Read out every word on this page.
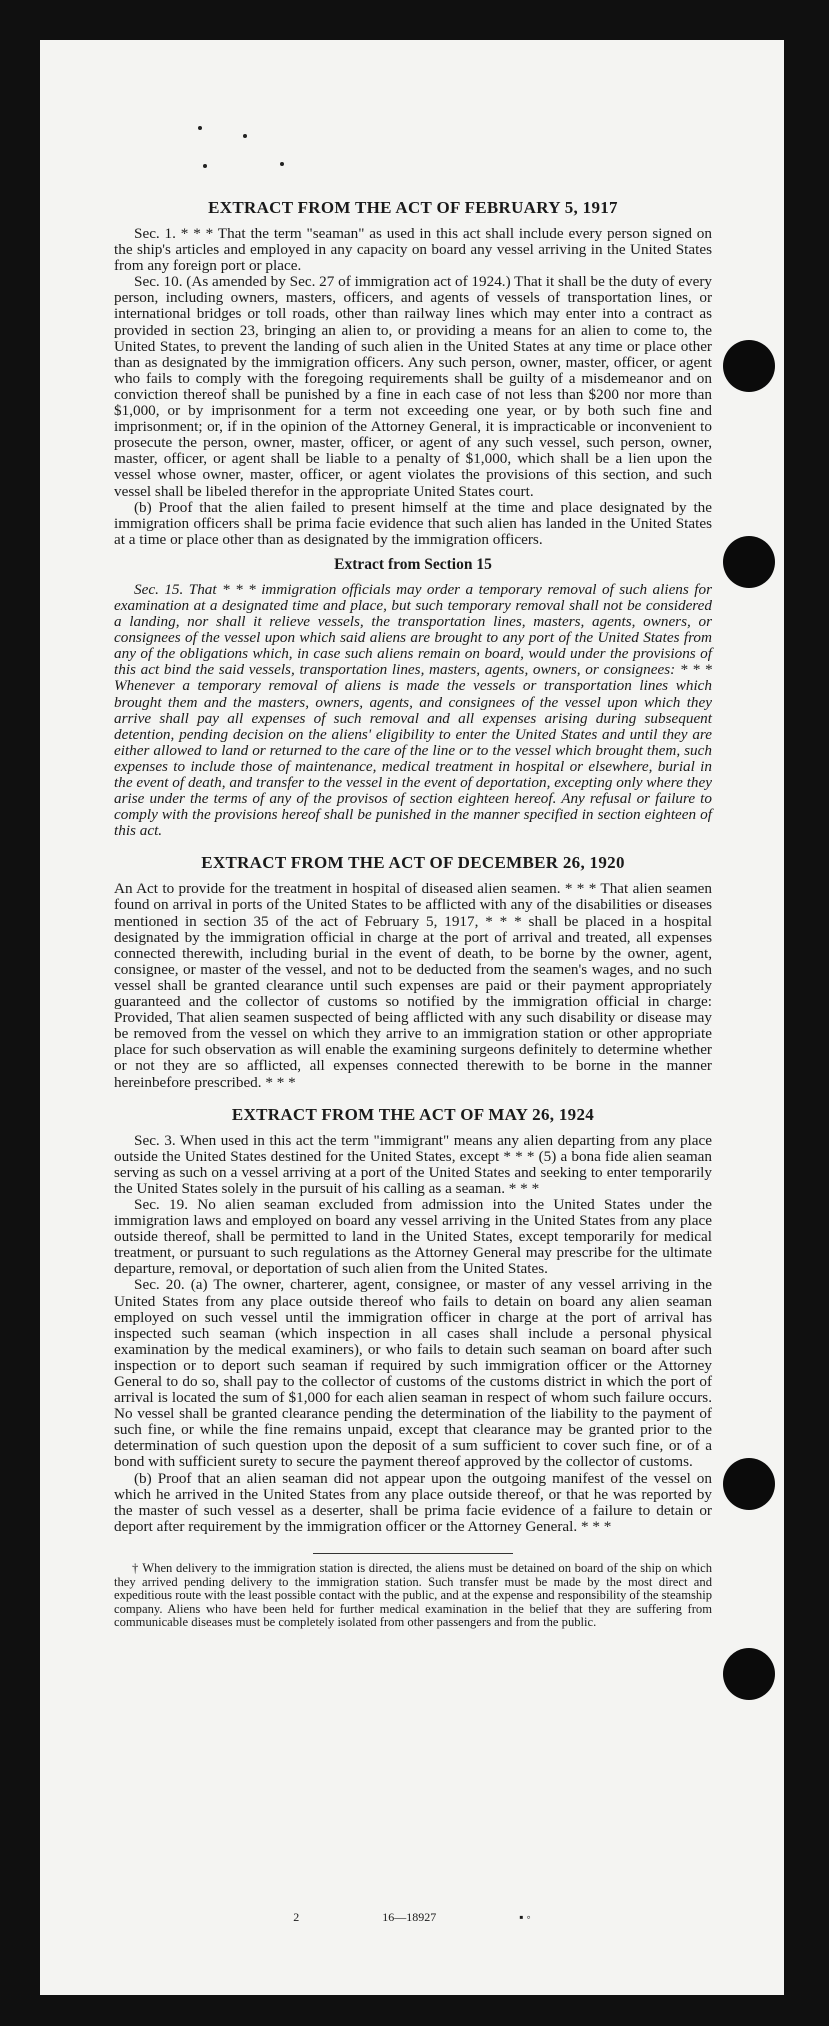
EXTRACT FROM THE ACT OF FEBRUARY 5, 1917

Sec. 1. * * * That the term "seaman" as used in this act shall include every person signed on the ship's articles and employed in any capacity on board any vessel arriving in the United States from any foreign port or place.

Sec. 10. (As amended by Sec. 27 of immigration act of 1924.) That it shall be the duty of every person, including owners, masters, officers, and agents of vessels of transportation lines, or international bridges or toll roads, other than railway lines which may enter into a contract as provided in section 23, bringing an alien to, or providing a means for an alien to come to, the United States, to prevent the landing of such alien in the United States at any time or place other than as designated by the immigration officers. Any such person, owner, master, officer, or agent who fails to comply with the foregoing requirements shall be guilty of a misdemeanor and on conviction thereof shall be punished by a fine in each case of not less than $200 nor more than $1,000, or by imprisonment for a term not exceeding one year, or by both such fine and imprisonment; or, if in the opinion of the Attorney General, it is impracticable or inconvenient to prosecute the person, owner, master, officer, or agent of any such vessel, such person, owner, master, officer, or agent shall be liable to a penalty of $1,000, which shall be a lien upon the vessel whose owner, master, officer, or agent violates the provisions of this section, and such vessel shall be libeled therefor in the appropriate United States court.

(b) Proof that the alien failed to present himself at the time and place designated by the immigration officers shall be prima facie evidence that such alien has landed in the United States at a time or place other than as designated by the immigration officers.

Extract from Section 15

Sec. 15. That * * * immigration officials may order a temporary removal of such aliens for examination at a designated time and place, but such temporary removal shall not be considered a landing, nor shall it relieve vessels, the transportation lines, masters, agents, owners, or consignees of the vessel upon which said aliens are brought to any port of the United States from any of the obligations which, in case such aliens remain on board, would under the provisions of this act bind the said vessels, transportation lines, masters, agents, owners, or consignees: * * * Whenever a temporary removal of aliens is made the vessels or transportation lines which brought them and the masters, owners, agents, and consignees of the vessel upon which they arrive shall pay all expenses of such removal and all expenses arising during subsequent detention, pending decision on the aliens' eligibility to enter the United States and until they are either allowed to land or returned to the care of the line or to the vessel which brought them, such expenses to include those of maintenance, medical treatment in hospital or elsewhere, burial in the event of death, and transfer to the vessel in the event of deportation, excepting only where they arise under the terms of any of the provisos of section eighteen hereof. Any refusal or failure to comply with the provisions hereof shall be punished in the manner specified in section eighteen of this act.

EXTRACT FROM THE ACT OF DECEMBER 26, 1920

An Act to provide for the treatment in hospital of diseased alien seamen. * * * That alien seamen found on arrival in ports of the United States to be afflicted with any of the disabilities or diseases mentioned in section 35 of the act of February 5, 1917, * * * shall be placed in a hospital designated by the immigration official in charge at the port of arrival and treated, all expenses connected therewith, including burial in the event of death, to be borne by the owner, agent, consignee, or master of the vessel, and not to be deducted from the seamen's wages, and no such vessel shall be granted clearance until such expenses are paid or their payment appropriately guaranteed and the collector of customs so notified by the immigration official in charge: Provided, That alien seamen suspected of being afflicted with any such disability or disease may be removed from the vessel on which they arrive to an immigration station or other appropriate place for such observation as will enable the examining surgeons definitely to determine whether or not they are so afflicted, all expenses connected therewith to be borne in the manner hereinbefore prescribed. * * *

EXTRACT FROM THE ACT OF MAY 26, 1924

Sec. 3. When used in this act the term "immigrant" means any alien departing from any place outside the United States destined for the United States, except * * * (5) a bona fide alien seaman serving as such on a vessel arriving at a port of the United States and seeking to enter temporarily the United States solely in the pursuit of his calling as a seaman. * * *

Sec. 19. No alien seaman excluded from admission into the United States under the immigration laws and employed on board any vessel arriving in the United States from any place outside thereof, shall be permitted to land in the United States, except temporarily for medical treatment, or pursuant to such regulations as the Attorney General may prescribe for the ultimate departure, removal, or deportation of such alien from the United States.

Sec. 20. (a) The owner, charterer, agent, consignee, or master of any vessel arriving in the United States from any place outside thereof who fails to detain on board any alien seaman employed on such vessel until the immigration officer in charge at the port of arrival has inspected such seaman (which inspection in all cases shall include a personal physical examination by the medical examiners), or who fails to detain such seaman on board after such inspection or to deport such seaman if required by such immigration officer or the Attorney General to do so, shall pay to the collector of customs of the customs district in which the port of arrival is located the sum of $1,000 for each alien seaman in respect of whom such failure occurs. No vessel shall be granted clearance pending the determination of the liability to the payment of such fine, or while the fine remains unpaid, except that clearance may be granted prior to the determination of such question upon the deposit of a sum sufficient to cover such fine, or of a bond with sufficient surety to secure the payment thereof approved by the collector of customs.

(b) Proof that an alien seaman did not appear upon the outgoing manifest of the vessel on which he arrived in the United States from any place outside thereof, or that he was reported by the master of such vessel as a deserter, shall be prima facie evidence of a failure to detain or deport after requirement by the immigration officer or the Attorney General. * * *

† When delivery to the immigration station is directed, the aliens must be detained on board of the ship on which they arrived pending delivery to the immigration station. Such transfer must be made by the most direct and expeditious route with the least possible contact with the public, and at the expense and responsibility of the steamship company. Aliens who have been held for further medical examination in the belief that they are suffering from communicable diseases must be completely isolated from other passengers and from the public.

2	16—18927	▪ ◦
